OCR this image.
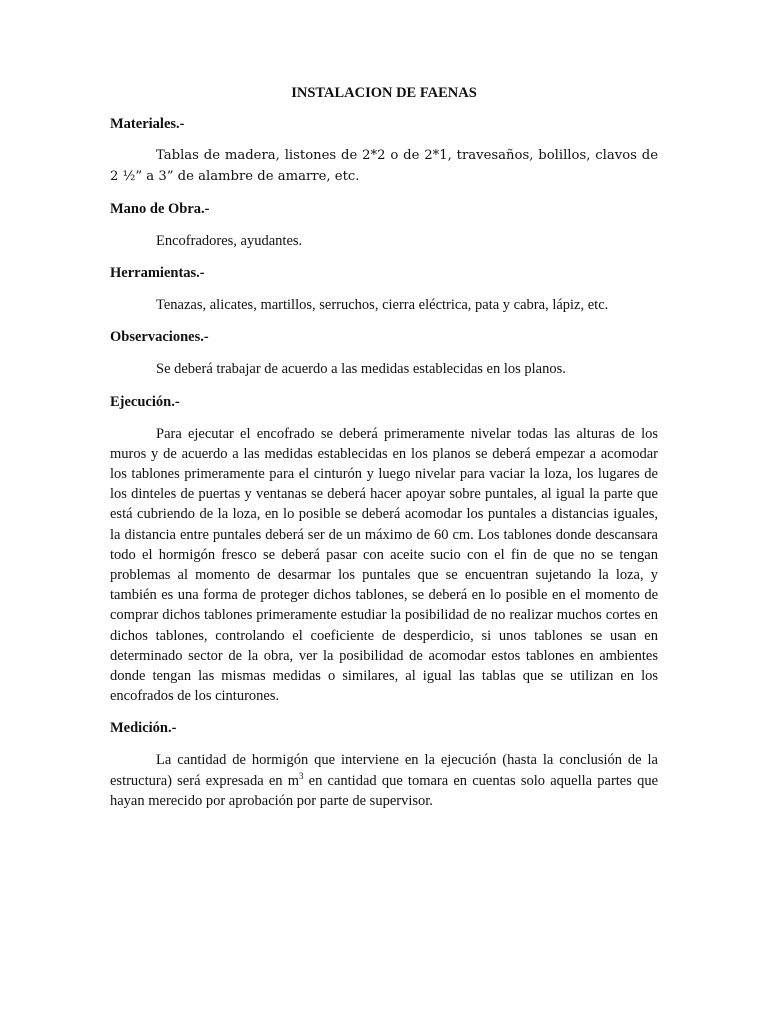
INSTALACION DE FAENAS
Materiales.-

Tablas de madera, listones de 2*2 o de 2*1, travesaños, bolillos, clavos de 2 ½” a 3” de alambre de amarre, etc.

Mano de Obra.-

Encofradores, ayudantes.

Herramientas.-

Tenazas, alicates, martillos, serruchos, cierra eléctrica, pata y cabra, lápiz, etc.

Observaciones.-

Se deberá trabajar de acuerdo a las medidas establecidas en los planos.

Ejecución.-

Para ejecutar el encofrado se deberá primeramente nivelar todas las alturas de los muros y de acuerdo a las medidas establecidas en los planos se deberá empezar a acomodar los tablones primeramente para el cinturón y luego nivelar para vaciar la loza, los lugares de los dinteles de puertas y ventanas se deberá hacer apoyar sobre puntales, al igual la parte que está cubriendo de la loza, en lo posible se deberá acomodar los puntales a distancias iguales, la distancia entre puntales deberá ser de un máximo de 60 cm. Los tablones donde descansara todo el hormigón fresco se deberá pasar con aceite sucio con el fin de que no se tengan problemas al momento de desarmar los puntales que se encuentran sujetando la loza, y también es una forma de proteger dichos tablones, se deberá en lo posible en el momento de comprar dichos tablones primeramente estudiar la posibilidad de no realizar muchos cortes en dichos tablones, controlando el coeficiente de desperdicio, si unos tablones se usan en determinado sector de la obra, ver la posibilidad de acomodar estos tablones en ambientes donde tengan las mismas medidas o similares, al igual las tablas que se utilizan en los encofrados de los cinturones.

Medición.-

La cantidad de hormigón que interviene en la ejecución (hasta la conclusión de la estructura) será expresada en $m^3$ en cantidad que tomara en cuentas solo aquella partes que hayan merecido por aprobación por parte de supervisor.
